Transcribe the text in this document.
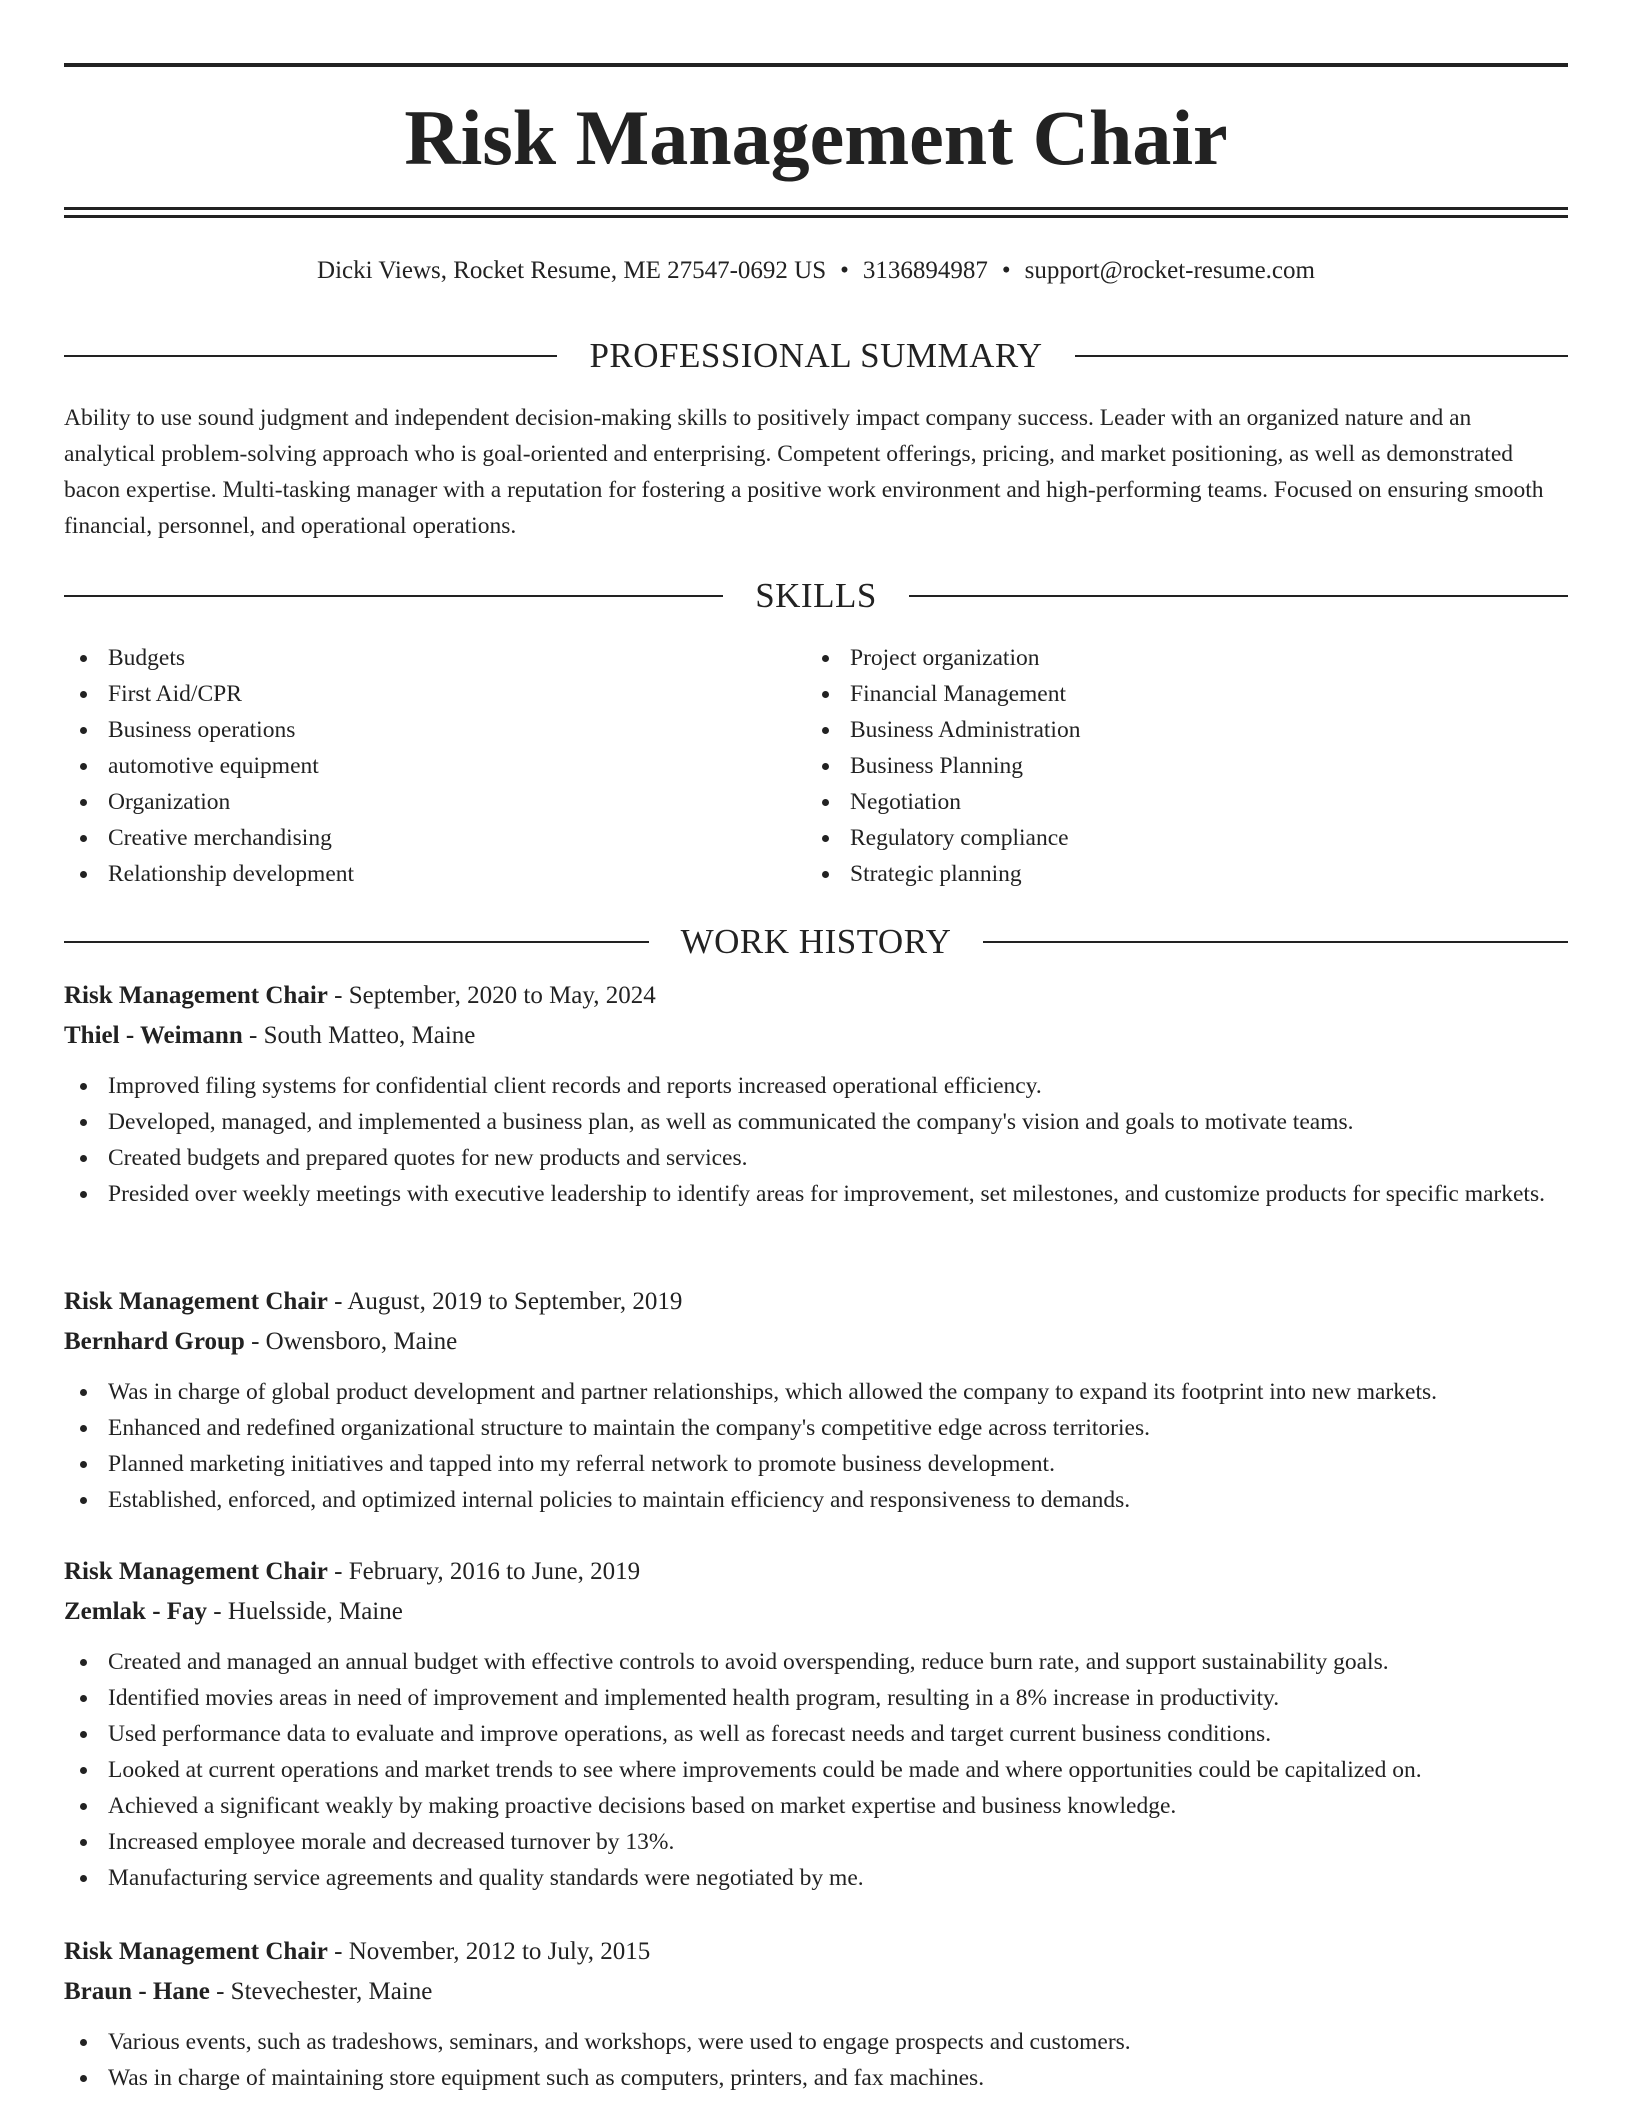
Risk Management Chair
Dicki Views, Rocket Resume, ME 27547-0692 US • 3136894987 • support@rocket-resume.com
PROFESSIONAL SUMMARY

Ability to use sound judgment and independent decision-making skills to positively impact company success. Leader with an organized nature and an analytical problem-solving approach who is goal-oriented and enterprising. Competent offerings, pricing, and market positioning, as well as demonstrated bacon expertise. Multi-tasking manager with a reputation for fostering a positive work environment and high-performing teams. Focused on ensuring smooth financial, personnel, and operational operations.

SKILLS
Budgets
First Aid/CPR
Business operations
automotive equipment
Organization
Creative merchandising
Relationship development
Project organization
Financial Management
Business Administration
Business Planning
Negotiation
Regulatory compliance
Strategic planning
WORK HISTORY
Risk Management Chair - September, 2020 to May, 2024
Thiel - Weimann - South Matteo, Maine
Improved filing systems for confidential client records and reports increased operational efficiency.
Developed, managed, and implemented a business plan, as well as communicated the company's vision and goals to motivate teams.
Created budgets and prepared quotes for new products and services.
Presided over weekly meetings with executive leadership to identify areas for improvement, set milestones, and customize products for specific markets.
Risk Management Chair - August, 2019 to September, 2019
Bernhard Group - Owensboro, Maine
Was in charge of global product development and partner relationships, which allowed the company to expand its footprint into new markets.
Enhanced and redefined organizational structure to maintain the company's competitive edge across territories.
Planned marketing initiatives and tapped into my referral network to promote business development.
Established, enforced, and optimized internal policies to maintain efficiency and responsiveness to demands.
Risk Management Chair - February, 2016 to June, 2019
Zemlak - Fay - Huelsside, Maine
Created and managed an annual budget with effective controls to avoid overspending, reduce burn rate, and support sustainability goals.
Identified movies areas in need of improvement and implemented health program, resulting in a 8% increase in productivity.
Used performance data to evaluate and improve operations, as well as forecast needs and target current business conditions.
Looked at current operations and market trends to see where improvements could be made and where opportunities could be capitalized on.
Achieved a significant weakly by making proactive decisions based on market expertise and business knowledge.
Increased employee morale and decreased turnover by 13%.
Manufacturing service agreements and quality standards were negotiated by me.
Risk Management Chair - November, 2012 to July, 2015
Braun - Hane - Stevechester, Maine
Various events, such as tradeshows, seminars, and workshops, were used to engage prospects and customers.
Was in charge of maintaining store equipment such as computers, printers, and fax machines.
